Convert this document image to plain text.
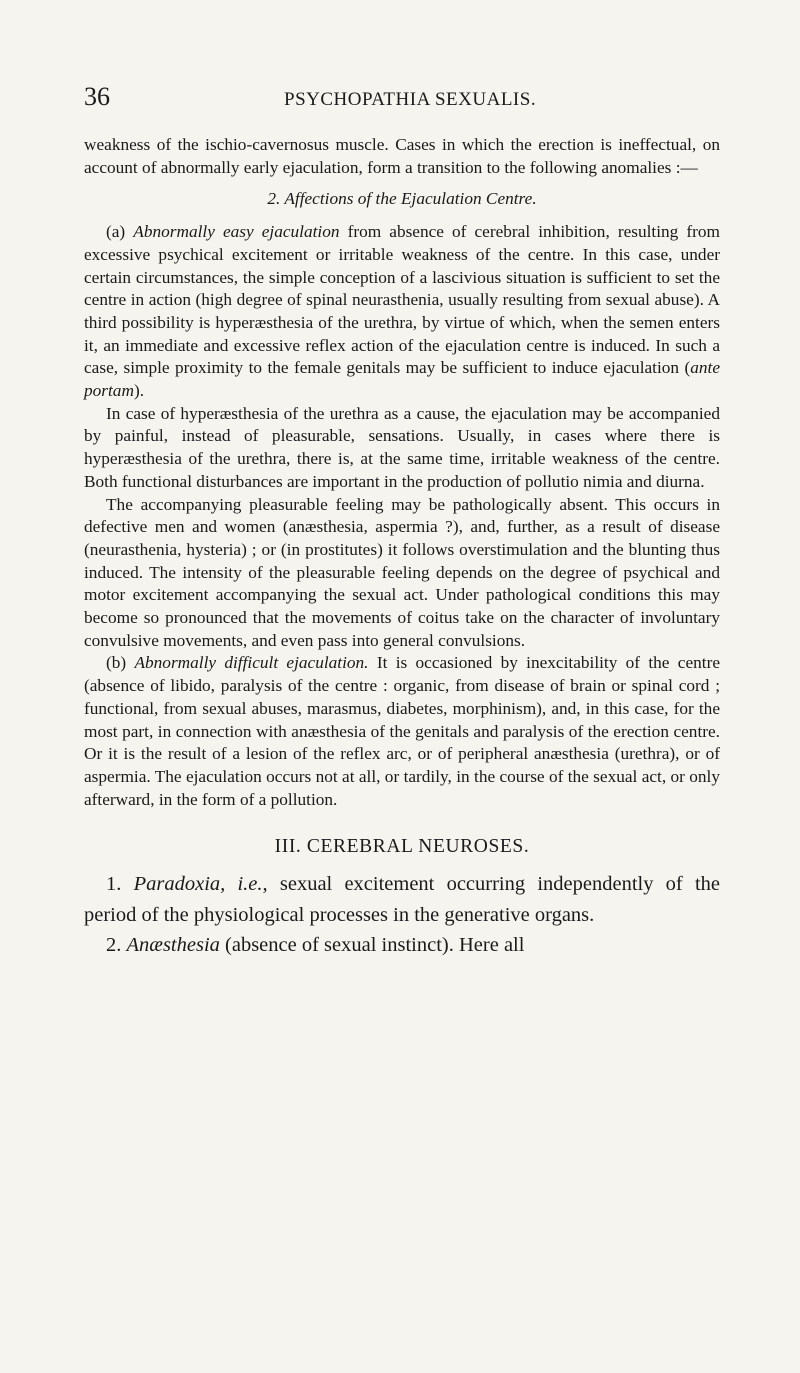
36	PSYCHOPATHIA SEXUALIS.

weakness of the ischio-cavernosus muscle. Cases in which the erection is ineffectual, on account of abnormally early ejaculation, form a transition to the following anomalies :—

2. Affections of the Ejaculation Centre.

(a) Abnormally easy ejaculation from absence of cerebral inhibition, resulting from excessive psychical excitement or irritable weakness of the centre. In this case, under certain circumstances, the simple conception of a lascivious situation is sufficient to set the centre in action (high degree of spinal neurasthenia, usually resulting from sexual abuse). A third possibility is hyperæsthesia of the urethra, by virtue of which, when the semen enters it, an immediate and excessive reflex action of the ejaculation centre is induced. In such a case, simple proximity to the female genitals may be sufficient to induce ejaculation (ante portam).

In case of hyperæsthesia of the urethra as a cause, the ejaculation may be accompanied by painful, instead of pleasurable, sensations. Usually, in cases where there is hyperæsthesia of the urethra, there is, at the same time, irritable weakness of the centre. Both functional disturbances are important in the production of pollutio nimia and diurna.

The accompanying pleasurable feeling may be pathologically absent. This occurs in defective men and women (anæsthesia, aspermia ?), and, further, as a result of disease (neurasthenia, hysteria) ; or (in prostitutes) it follows overstimulation and the blunting thus induced. The intensity of the pleasurable feeling depends on the degree of psychical and motor excitement accompanying the sexual act. Under pathological conditions this may become so pronounced that the movements of coitus take on the character of involuntary convulsive movements, and even pass into general convulsions.

(b) Abnormally difficult ejaculation. It is occasioned by inexcitability of the centre (absence of libido, paralysis of the centre : organic, from disease of brain or spinal cord ; functional, from sexual abuses, marasmus, diabetes, morphinism), and, in this case, for the most part, in connection with anæsthesia of the genitals and paralysis of the erection centre. Or it is the result of a lesion of the reflex arc, or of peripheral anæsthesia (urethra), or of aspermia. The ejaculation occurs not at all, or tardily, in the course of the sexual act, or only afterward, in the form of a pollution.

III. CEREBRAL NEUROSES.

1. Paradoxia, i.e., sexual excitement occurring independently of the period of the physiological processes in the generative organs.

2. Anæsthesia (absence of sexual instinct). Here all
